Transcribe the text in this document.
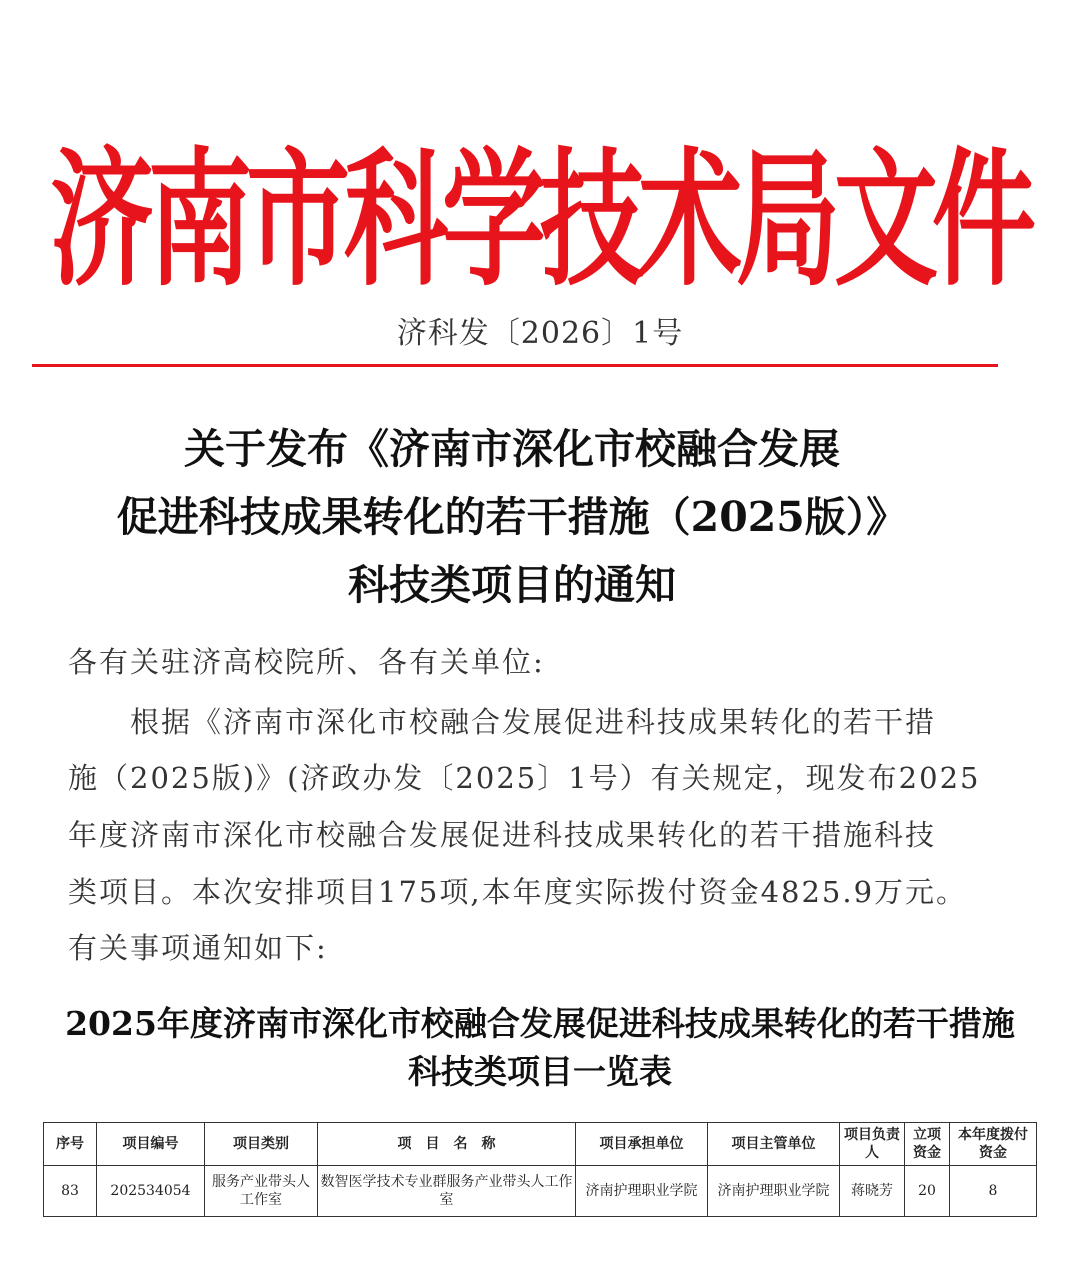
济南市科学技术局文件
济科发〔2026〕1号
关于发布《济南市深化市校融合发展
促进科技成果转化的若干措施（2025版）》
科技类项目的通知
各有关驻济高校院所、各有关单位:
根据《济南市深化市校融合发展促进科技成果转化的若干措
施（2025版)》(济政办发〔2025〕1号）有关规定，现发布2025
年度济南市深化市校融合发展促进科技成果转化的若干措施科技
类项目。本次安排项目175项,本年度实际拨付资金4825.9万元。
有关事项通知如下:
2025年度济南市深化市校融合发展促进科技成果转化的若干措施
科技类项目一览表
序号	项目编号	项目类别	项　目　名　称	项目承担单位	项目主管单位	项目负责人	立项资金	本年度拨付资金
83	202534054	服务产业带头人工作室	数智医学技术专业群服务产业带头人工作室	济南护理职业学院	济南护理职业学院	蒋晓芳	20	8
